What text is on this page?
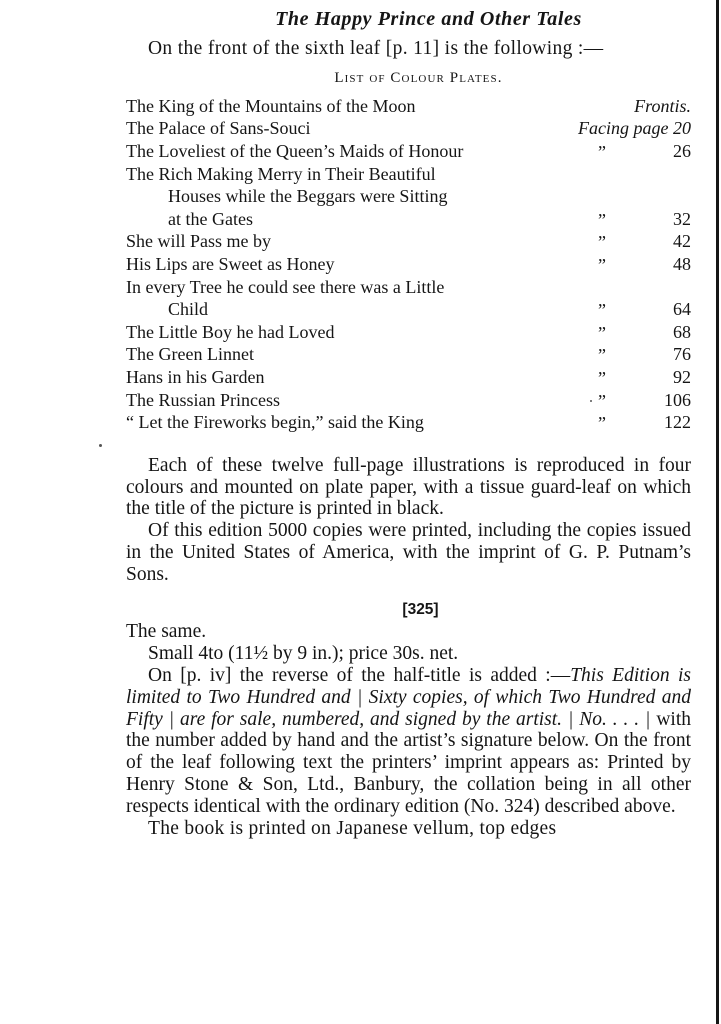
The Happy Prince and Other Tales

On the front of the sixth leaf [p. 11] is the following :—

List of Colour Plates.
The King of the Mountains of the Moon	Frontis.
The Palace of Sans-Souci	Facing page 20
The Loveliest of the Queen’s Maids of Honour	”	26
The Rich Making Merry in Their Beautiful
Houses while the Beggars were Sitting
at the Gates	”	32
She will Pass me by	”	42
His Lips are Sweet as Honey	”	48
In every Tree he could see there was a Little
Child	”	64
The Little Boy he had Loved	”	68
The Green Linnet	”	76
Hans in his Garden	”	92
The Russian Princess	”	106
“ Let the Fireworks begin,” said the King	”	122

Each of these twelve full-page illustrations is reproduced in four colours and mounted on plate paper, with a tissue guard-leaf on which the title of the picture is printed in black.

Of this edition 5000 copies were printed, including the copies issued in the United States of America, with the imprint of G. P. Putnam’s Sons.

[325]

The same.

Small 4to (11½ by 9 in.); price 30s. net.

On [p. iv] the reverse of the half-title is added :—This Edition is limited to Two Hundred and | Sixty copies, of which Two Hundred and Fifty | are for sale, numbered, and signed by the artist. | No. . . . | with the number added by hand and the artist’s signature below. On the front of the leaf following text the printers’ imprint appears as: Printed by Henry Stone & Son, Ltd., Banbury, the collation being in all other respects identical with the ordinary edition (No. 324) described above.

The book is printed on Japanese vellum, top edges
